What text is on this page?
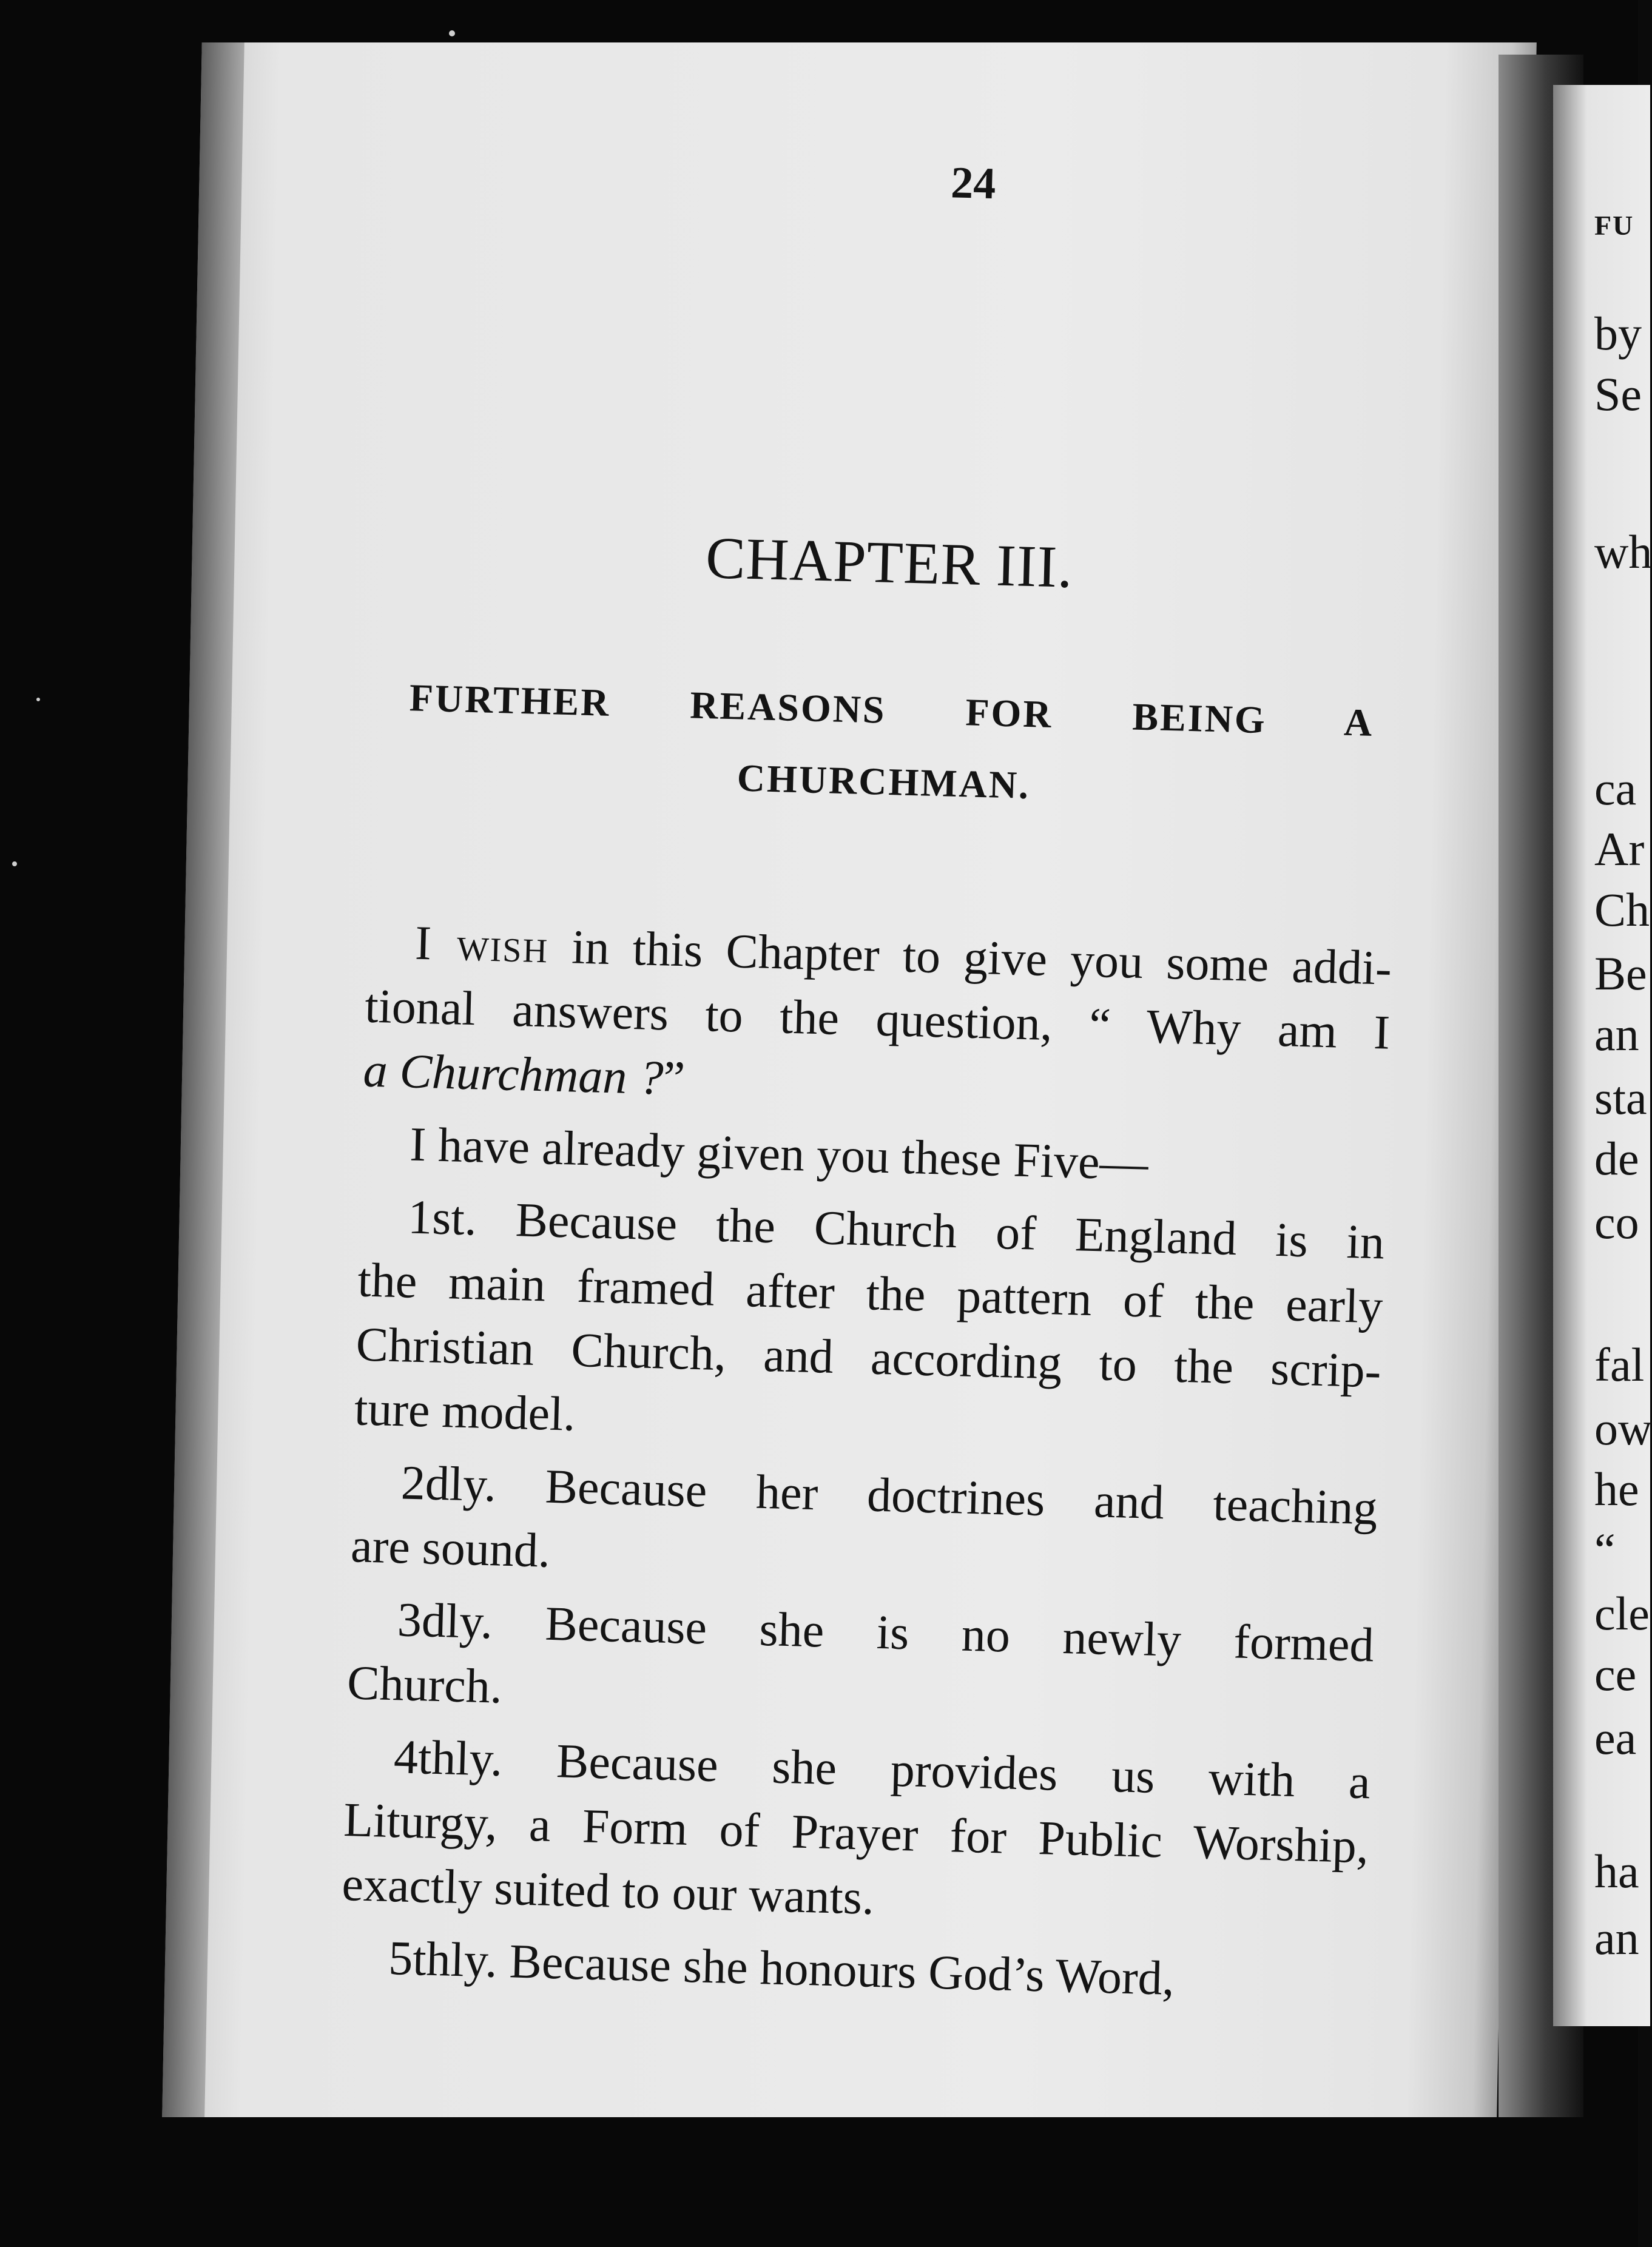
24
CHAPTER III.
FURTHER REASONS FOR BEING A
CHURCHMAN.

I wish in this Chapter to give you some addi-
tional answers to the question, “ Why am I
a Churchman ?”

I have already given you these Five—

1st. Because the Church of England is in
the main framed after the pattern of the early
Christian Church, and according to the scrip-
ture model.

2dly. Because her doctrines and teaching
are sound.

3dly. Because she is no newly formed
Church.

4thly. Because she provides us with a
Liturgy, a Form of Prayer for Public Worship,
exactly suited to our wants.

5thly. Because she honours God’s Word,

FU
by
Se
wh
ca
Ar
Ch
Be
an
sta
de
co
fal
ow
he
“
cle
ce
ea
ha
an
